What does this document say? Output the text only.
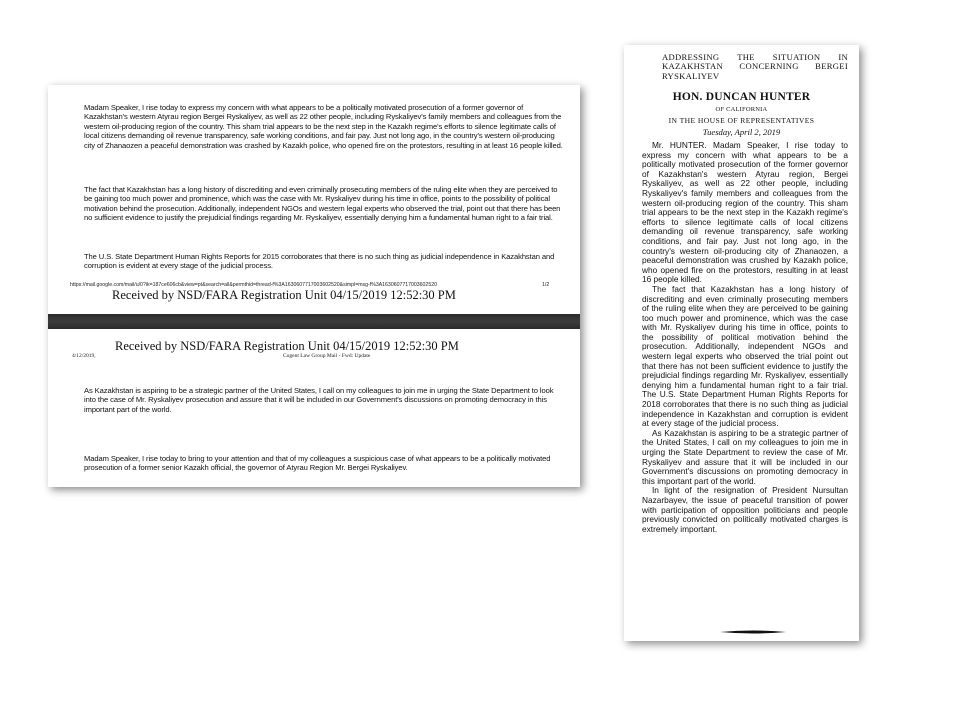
Madam Speaker, I rise today to express my concern with what appears to be a politically motivated prosecution of a former governor of Kazakhstan's western Atyrau region Bergei Ryskaliyev, as well as 22 other people, including Ryskaliyev's family members and colleagues from the western oil-producing region of the country. This sham trial appears to be the next step in the Kazakh regime's efforts to silence legitimate calls of local citizens demanding oil revenue transparency, safe working conditions, and fair pay. Just not long ago, in the country's western oil-producing city of Zhanaozen a peaceful demonstration was crashed by Kazakh police, who opened fire on the protestors, resulting in at least 16 people killed.

The fact that Kazakhstan has a long history of discrediting and even criminally prosecuting members of the ruling elite when they are perceived to be gaining too much power and prominence, which was the case with Mr. Ryskaliyev during his time in office, points to the possibility of political motivation behind the prosecution. Additionally, independent NGOs and western legal experts who observed the trial, point out that there has been no sufficient evidence to justify the prejudicial findings regarding Mr. Ryskaliyev, essentially denying him a fundamental human right to a fair trial.

The U.S. State Department Human Rights Reports for 2015 corroborates that there is no such thing as judicial independence in Kazakhstan and corruption is evident at every stage of the judicial process.

https://mail.google.com/mail/u/0?ik=187ce606cb&view=pt&search=all&permthid=thread-f%3A1630607717003602520&simpl=msg-f%3A1630607717003602520	1/2
Received by NSD/FARA Registration Unit 04/15/2019 12:52:30 PM
Received by NSD/FARA Registration Unit 04/15/2019 12:52:30 PM
4/12/2019,	Cogent Law Group Mail - Fwd: Update

As Kazakhstan is aspiring to be a strategic partner of the United States, I call on my colleagues to join me in urging the State Department to look into the case of Mr. Ryskaliyev prosecution and assure that it will be included in our Government's discussions on promoting democracy in this important part of the world.

Madam Speaker, I rise today to bring to your attention and that of my colleagues a suspicious case of what appears to be a politically motivated prosecution of a former senior Kazakh official, the governor of Atyrau Region Mr. Bergei Ryskaliyev.

ADDRESSING THE SITUATION IN KAZAKHSTAN CONCERNING BERGEI RYSKALIYEV
HON. DUNCAN HUNTER
OF CALIFORNIA
IN THE HOUSE OF REPRESENTATIVES
Tuesday, April 2, 2019

Mr. HUNTER. Madam Speaker, I rise today to express my concern with what appears to be a politically motivated prosecution of the former governor of Kazakhstan's western Atyrau region, Bergei Ryskaliyev, as well as 22 other people, including Ryskaliyev's family members and colleagues from the western oil-producing region of the country. This sham trial appears to be the next step in the Kazakh regime's efforts to silence legitimate calls of local citizens demanding oil revenue transparency, safe working conditions, and fair pay. Just not long ago, in the country's western oil-producing city of Zhanaozen, a peaceful demonstration was crushed by Kazakh police, who opened fire on the protestors, resulting in at least 16 people killed.

The fact that Kazakhstan has a long history of discrediting and even criminally prosecuting members of the ruling elite when they are perceived to be gaining too much power and prominence, which was the case with Mr. Ryskaliyev during his time in office, points to the possibility of political motivation behind the prosecution. Additionally, independent NGOs and western legal experts who observed the trial point out that there has not been sufficient evidence to justify the prejudicial findings regarding Mr. Ryskaliyev, essentially denying him a fundamental human right to a fair trial. The U.S. State Department Human Rights Reports for 2018 corroborates that there is no such thing as judicial independence in Kazakhstan and corruption is evident at every stage of the judicial process.

As Kazakhstan is aspiring to be a strategic partner of the United States, I call on my colleagues to join me in urging the State Department to review the case of Mr. Ryskaliyev and assure that it will be included in our Government's discussions on promoting democracy in this important part of the world.

In light of the resignation of President Nursultan Nazarbayev, the issue of peaceful transition of power with participation of opposition politicians and people previously convicted on politically motivated charges is extremely important.
